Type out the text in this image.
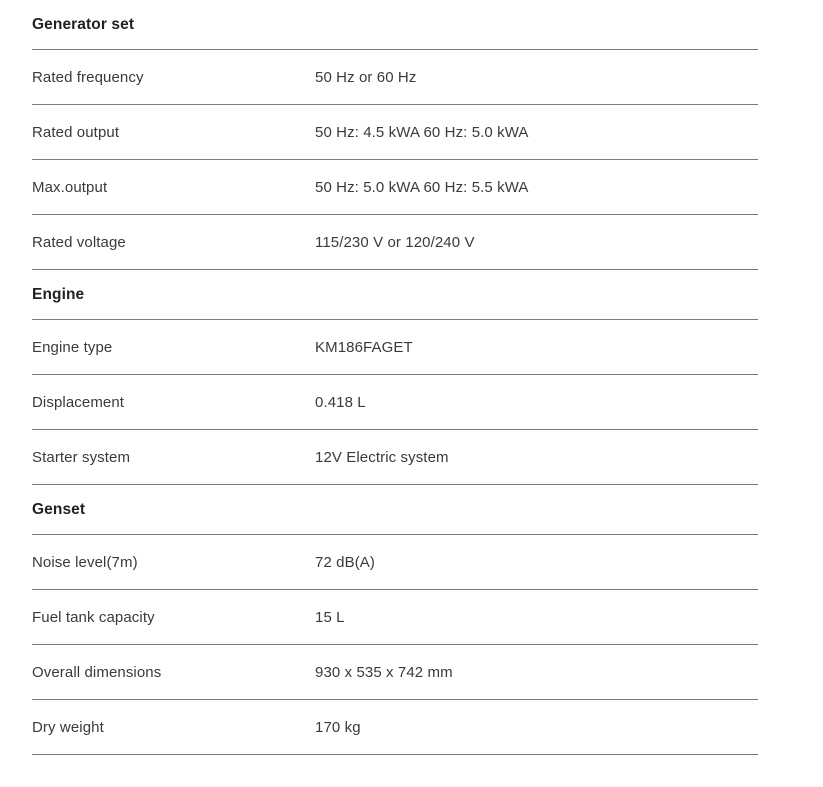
Generator set
Rated frequency	50 Hz or 60 Hz
Rated output	50 Hz: 4.5 kWA 60 Hz: 5.0 kWA
Max.output	50 Hz: 5.0 kWA 60 Hz: 5.5 kWA
Rated voltage	115/230 V or 120/240 V
Engine
Engine type	KM186FAGET
Displacement	0.418 L
Starter system	12V Electric system
Genset
Noise level(7m)	72 dB(A)
Fuel tank capacity	15 L
Overall dimensions	930 x 535 x 742 mm
Dry weight	170 kg
